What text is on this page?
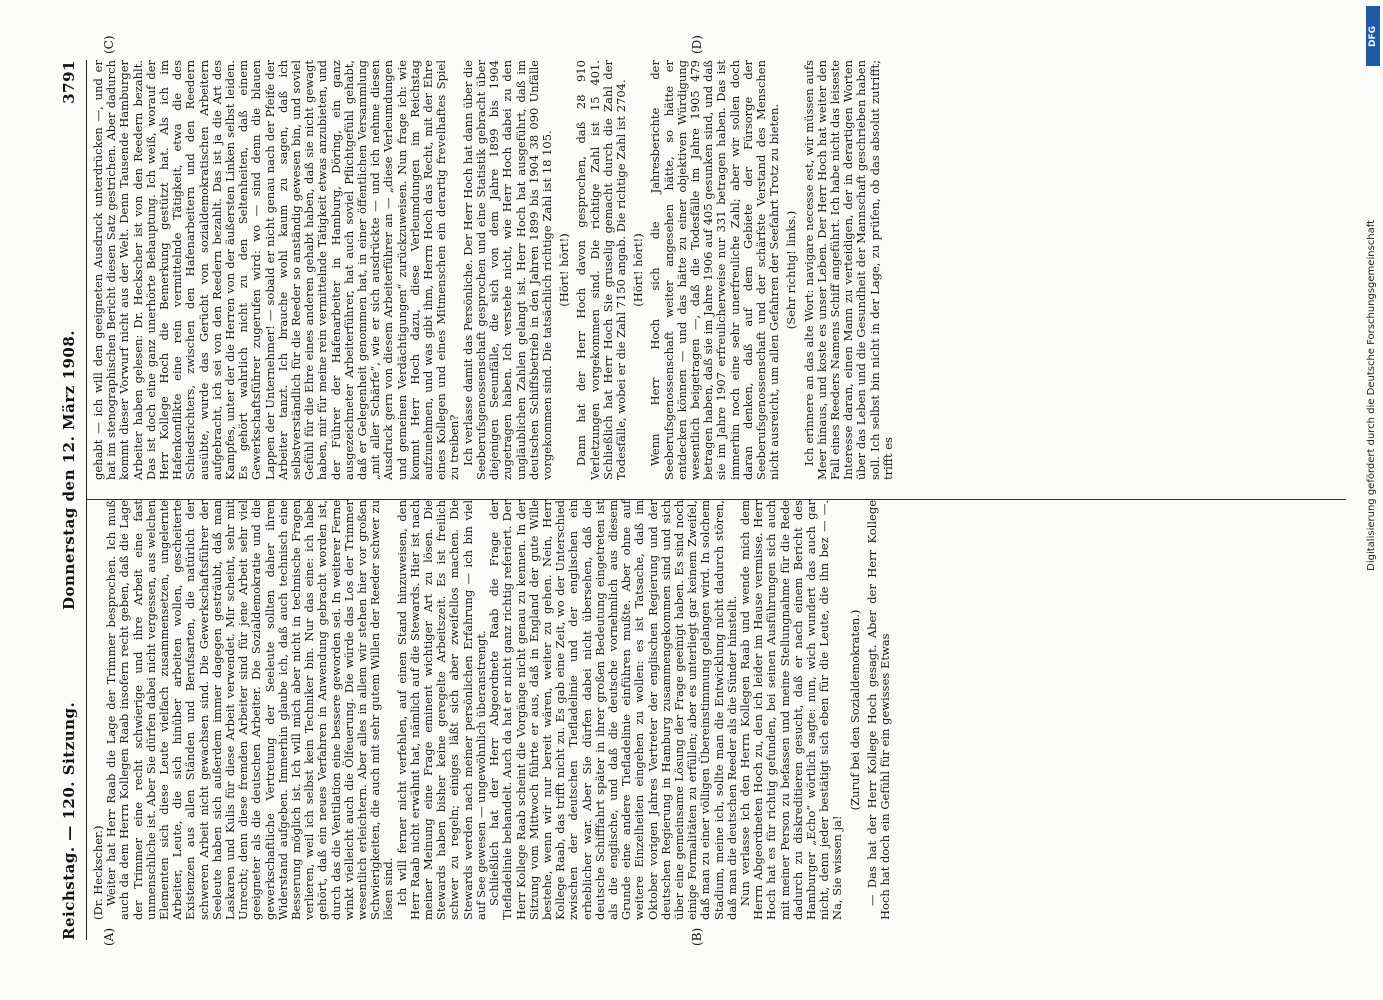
Reichstag. — 120. Sitzung.
Donnerstag den 12. März 1908.
3791
(A)	(B)
(C)	(D)

(Dr. Heckscher.) Weiter hat Herr Raab die Lage der Trimmer besprochen. Ich muß auch da dem Herrn Kollegen Raab insofern recht geben, daß die Lage der Trimmer eine recht schwierige und ihre Arbeit eine fast unmenschliche ist. Aber Sie dürfen dabei nicht vergessen, aus welchen Elementen sich diese Leute vielfach zusammensetzen, ungelernte Arbeiter, Leute, die sich hinüber arbeiten wollen, gescheiterte Existenzen aus allen Ständen und Berufsarten, die natürlich der schweren Arbeit nicht gewachsen sind. Die Gewerkschaftsführer der Seeleute haben sich außerdem immer dagegen gesträubt, daß man Laskaren und Kulis für diese Arbeit verwendet. Mir scheint, sehr mit Unrecht; denn diese fremden Arbeiter sind für jene Arbeit sehr viel geeigneter als die deutschen Arbeiter. Die Sozialdemokratie und die gewerkschaftliche Vertretung der Seeleute sollten daher ihren Widerstand aufgeben. Immerhin glaube ich, daß auch technisch eine Besserung möglich ist. Ich will mich aber nicht in technische Fragen verlieren, weil ich selbst kein Techniker bin. Nur das eine: ich habe gehört, daß ein neues Verfahren in Anwendung gebracht worden ist, durch das die Ventilation eine bessere geworden sei. In weiterer Ferne winkt vielleicht auch die Ölfeuerung. Die würde das Los der Trimmer wesentlich erleichtern. Aber alles in allem wir stehen hier vor großen Schwierigkeiten, die auch mit sehr gutem Willen der Reeder schwer zu lösen sind. Ich will ferner nicht verfehlen, auf einen Stand hinzuweisen, den Herr Raab nicht erwähnt hat, nämlich auf die Stewards. Hier ist nach meiner Meinung eine Frage eminent wichtiger Art zu lösen. Die Stewards haben bisher keine geregelte Arbeitszeit. Es ist freilich schwer zu regeln; einiges läßt sich aber zweifellos machen. Die Stewards werden nach meiner persönlichen Erfahrung — ich bin viel auf See gewesen — ungewöhnlich überanstrengt. Schließlich hat der Herr Abgeordnete Raab die Frage der Tiefladelinie behandelt. Auch da hat er nicht ganz richtig referiert. Der Herr Kollege Raab scheint die Vorgänge nicht genau zu kennen. In der Sitzung vom Mittwoch führte er aus, daß in England der gute Wille bestehe, wenn wir nur bereit wären, weiter zu gehen. Nein, Herr Kollege Raab, das trifft nicht zu. Es gab eine Zeit, wo der Unterschied zwischen der deutschen Tiefladelinie und der englischen ein erheblicher war. Aber Sie dürfen dabei nicht übersehen, daß die deutsche Schifffahrt später in ihrer großen Bedeutung eingetreten ist als die englische, und daß die deutsche vornehmlich aus diesem Grunde eine andere Tiefladelinie einführen mußte. Aber ohne auf weitere Einzelheiten eingehen zu wollen: es ist Tatsache, daß im Oktober vorigen Jahres Vertreter der englischen Regierung und der deutschen Regierung in Hamburg zusammengekommen sind und sich über eine gemeinsame Lösung der Frage geeinigt haben. Es sind noch einige Formalitäten zu erfüllen; aber es unterliegt gar keinem Zweifel, daß man zu einer völligen Übereinstimmung gelangen wird. In solchem Stadium, meine ich, sollte man die Entwicklung nicht dadurch stören, daß man die deutschen Reeder als die Sünder hinstellt. Nun verlasse ich den Herrn Kollegen Raab und wende mich dem Herrn Abgeordneten Hoch zu, den ich leider im Hause vermisse. Herr Hoch hat es für richtig gefunden, bei seinen Ausführungen sich auch mit meiner Person zu befassen und meine Stellungnahme für die Rede dadurch zu diskreditieren gesucht, daß er nach einem Bericht des Hamburger „Echo“ wörtlich sagte: nun, wich wundert das auch gar nicht, denn jeder bestätigt sich eben für die Leute, die ihn bez — —. Na, Sie wissen ja!

(Zuruf bei den Sozialdemokraten.) — Das hat der Herr Kollege Hoch gesagt. Aber der Herr Kollege Hoch hat doch ein Gefühl für ein gewisses Etwas

gehabt — ich will den geeigneten Ausdruck unterdrücken —, und er hat im stenographischen Bericht diesen Satz gestrichen. Aber dadurch kommt dieser Vorwurf nicht aus der Welt. Denn Tausende Hamburger Arbeiter haben gelesen: Dr. Heckscher ist von den Reedern bezahlt. Das ist doch eine ganz unerhörte Behauptung. Ich weiß, worauf der Herr Kollege Hoch die Bemerkung gestützt hat. Als ich im Hafenkonflikte eine rein vermittelnde Tätigkeit, etwa die des Schiedsrichters, zwischen den Hafenarbeitern und den Reedern ausübte, wurde das Gerücht von sozialdemokratischen Arbeitern aufgebracht, ich sei von den Reedern bezahlt. Das ist ja die Art des Kampfes, unter der die Herren von der äußersten Linken selbst leiden. Es gehört wahrlich nicht zu den Seltenheiten, daß einem Gewerkschaftsführer zugerufen wird: wo — sind denn die blauen Lappen der Unternehmer! — sobald er nicht genau nach der Pfeife der Arbeiter tanzt. Ich brauche wohl kaum zu sagen, daß ich selbstverständlich für die Reeder so anständig gewesen bin, und soviel Gefühl für die Ehre eines anderen gehabt haben, daß sie nicht gewagt haben, mir für meine rein vermittelnde Tätigkeit etwas anzubieten, und der Führer der Hafenarbeiter in Hamburg, Döring, ein ganz ausgezeichneter Arbeiterführer, hat auch soviel Pflichtgefühl gehabt, daß er Gelegenheit genommen hat, in einer öffentlichen Versammlung „mit aller Schärfe“, wie er sich ausdrückte — und ich nehme diesen Ausdruck gern von diesem Arbeiterführer an — „diese Verleumdungen und gemeinen Verdächtigungen“ zurückzuweisen. Nun frage ich: wie kommt Herr Hoch dazu, diese Verleumdungen im Reichstag aufzunehmen, und was gibt ihm, Herrn Hoch das Recht, mit der Ehre eines Kollegen und eines Mitmenschen ein derartig frevelhaftes Spiel zu treiben? Ich verlasse damit das Persönliche. Der Herr Hoch hat dann über die Seeberufsgenossenschaft gesprochen und eine Statistik gebracht über diejenigen Seeunfälle, die sich von dem Jahre 1899 bis 1904 zugetragen haben. Ich verstehe nicht, wie Herr Hoch dabei zu den ungläublichen Zahlen gelangt ist. Herr Hoch hat ausgeführt, daß im deutschen Schiffsbetrieb in den Jahren 1899 bis 1904 38 090 Unfälle vorgekommen sind. Die tatsächlich richtige Zahl ist 18 105. (Hört! hört!) Dann hat der Herr Hoch davon gesprochen, daß 28 910 Verletzungen vorgekommen sind. Die richtige Zahl ist 15 401. Schließlich hat Herr Hoch Sie gruselig gemacht durch die Zahl der Todesfälle, wobei er die Zahl 7150 angab. Die richtige Zahl ist 2704. (Hört! hört!) Wenn Herr Hoch sich die Jahresberichte der Seeberufsgenossenschaft weiter angesehen hätte, so hätte er entdecken können — und das hätte zu einer objektiven Würdigung wesentlich beigetragen —, daß die Todesfälle im Jahre 1905 479 betragen haben, daß sie im Jahre 1906 auf 405 gesunken sind, und daß sie im Jahre 1907 erfreulicherweise nur 331 betragen haben. Das ist immerhin noch eine sehr unerfreuliche Zahl; aber wir sollen doch daran denken, daß auf dem Gebiete der Fürsorge der Seeberufsgenossenschaft und der schärfste Verstand des Menschen nicht ausreicht, um allen Gefahren der Seefahrt Trotz zu bieten. (Sehr richtig! links.) Ich erinnere an das alte Wort: navigare necesse est, wir müssen aufs Meer hinaus, und koste es unser Leben. Der Herr Hoch hat weiter den Fall eines Reeders Namens Schiff angeführt. Ich habe nicht das leiseste Interesse daran, einen Mann zu verteidigen, der in derartigen Worten über das Leben und die Gesundheit der Mannschaft geschrieben haben soll. Ich selbst bin nicht in der Lage, zu prüfen, ob das absolut zutrifft; trifft es

DFG
Digitalisierung gefördert durch die Deutsche Forschungsgemeinschaft
